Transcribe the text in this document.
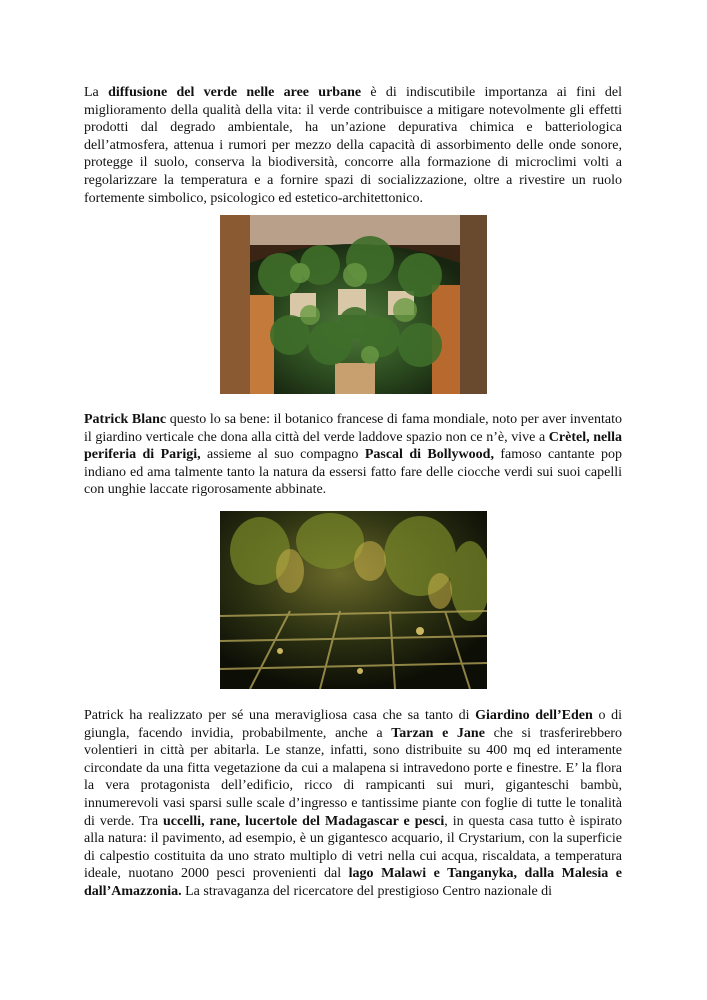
La diffusione del verde nelle aree urbane è di indiscutibile importanza ai fini del miglioramento della qualità della vita: il verde contribuisce a mitigare notevolmente gli effetti prodotti dal degrado ambientale, ha un’azione depurativa chimica e batteriologica dell’atmosfera, attenua i rumori per mezzo della capacità di assorbimento delle onde sonore, protegge il suolo, conserva la biodiversità, concorre alla formazione di microclimi volti a regolarizzare la temperatura e a fornire spazi di socializzazione, oltre a rivestire un ruolo fortemente simbolico, psicologico ed estetico-architettonico.

Patrick Blanc questo lo sa bene: il botanico francese di fama mondiale, noto per aver inventato il giardino verticale che dona alla città del verde laddove spazio non ce n’è, vive a Crètel, nella periferia di Parigi, assieme al suo compagno Pascal di Bollywood, famoso cantante pop indiano ed ama talmente tanto la natura da essersi fatto fare delle ciocche verdi sui suoi capelli con unghie laccate rigorosamente abbinate.

Patrick ha realizzato per sé una meravigliosa casa che sa tanto di Giardino dell’Eden o di giungla, facendo invidia, probabilmente, anche a Tarzan e Jane che si trasferirebbero volentieri in città per abitarla. Le stanze, infatti, sono distribuite su 400 mq ed interamente circondate da una fitta vegetazione da cui a malapena si intravedono porte e finestre. E’ la flora la vera protagonista dell’edificio, ricco di rampicanti sui muri, giganteschi bambù, innumerevoli vasi sparsi sulle scale d’ingresso e tantissime piante con foglie di tutte le tonalità di verde. Tra uccelli, rane, lucertole del Madagascar e pesci, in questa casa tutto è ispirato alla natura: il pavimento, ad esempio, è un gigantesco acquario, il Crystarium, con la superficie di calpestio costituita da uno strato multiplo di vetri nella cui acqua, riscaldata, a temperatura ideale, nuotano 2000 pesci provenienti dal lago Malawi e Tanganyka, dalla Malesia e dall’Amazzonia. La stravaganza del ricercatore del prestigioso Centro nazionale di
